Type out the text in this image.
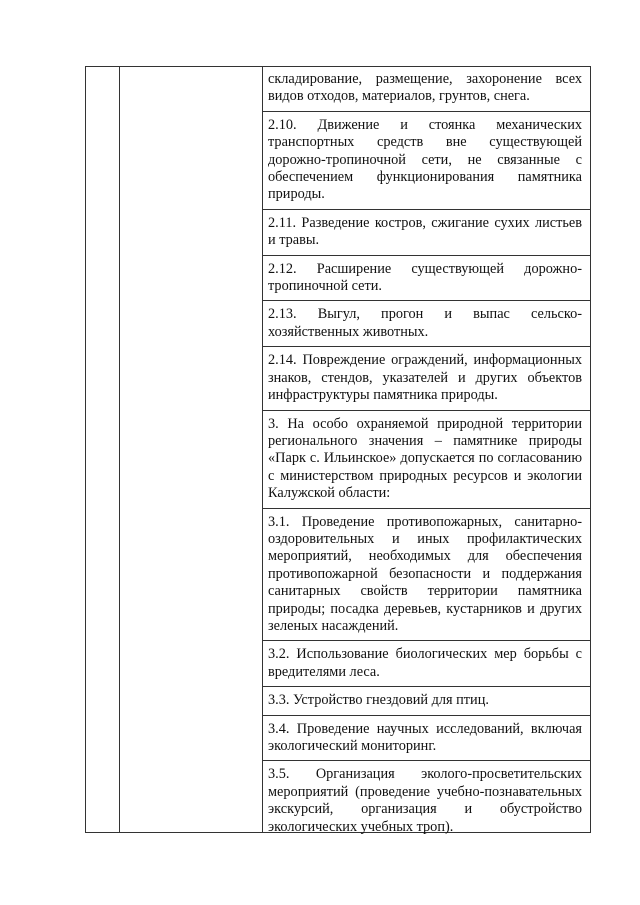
складирование, размещение, захоронение всех видов отходов, материалов, грунтов, снега.

2.10. Движение и стоянка механических транспортных средств вне существующей дорожно-тропиночной сети, не связанные с обеспечением функционирования памятника природы.

2.11. Разведение костров, сжигание сухих листьев и травы.

2.12. Расширение существующей дорожно-тропиночной сети.

2.13. Выгул, прогон и выпас сельско-хозяйственных животных.

2.14. Повреждение ограждений, информационных знаков, стендов, указателей и других объектов инфраструктуры памятника природы.

3. На особо охраняемой природной территории регионального значения – памятнике природы «Парк с. Ильинское» допускается по согласованию с министерством природных ресурсов и экологии Калужской области:

3.1. Проведение противопожарных, санитарно-оздоровительных и иных профилактических мероприятий, необходимых для обеспечения противопожарной безопасности и поддержания санитарных свойств территории памятника природы; посадка деревьев, кустарников и других зеленых насаждений.

3.2. Использование биологических мер борьбы с вредителями леса.

3.3. Устройство гнездовий для птиц.

3.4. Проведение научных исследований, включая экологический мониторинг.

3.5. Организация эколого-просветительских мероприятий (проведение учебно-познавательных экскурсий, организация и обустройство экологических учебных троп).
